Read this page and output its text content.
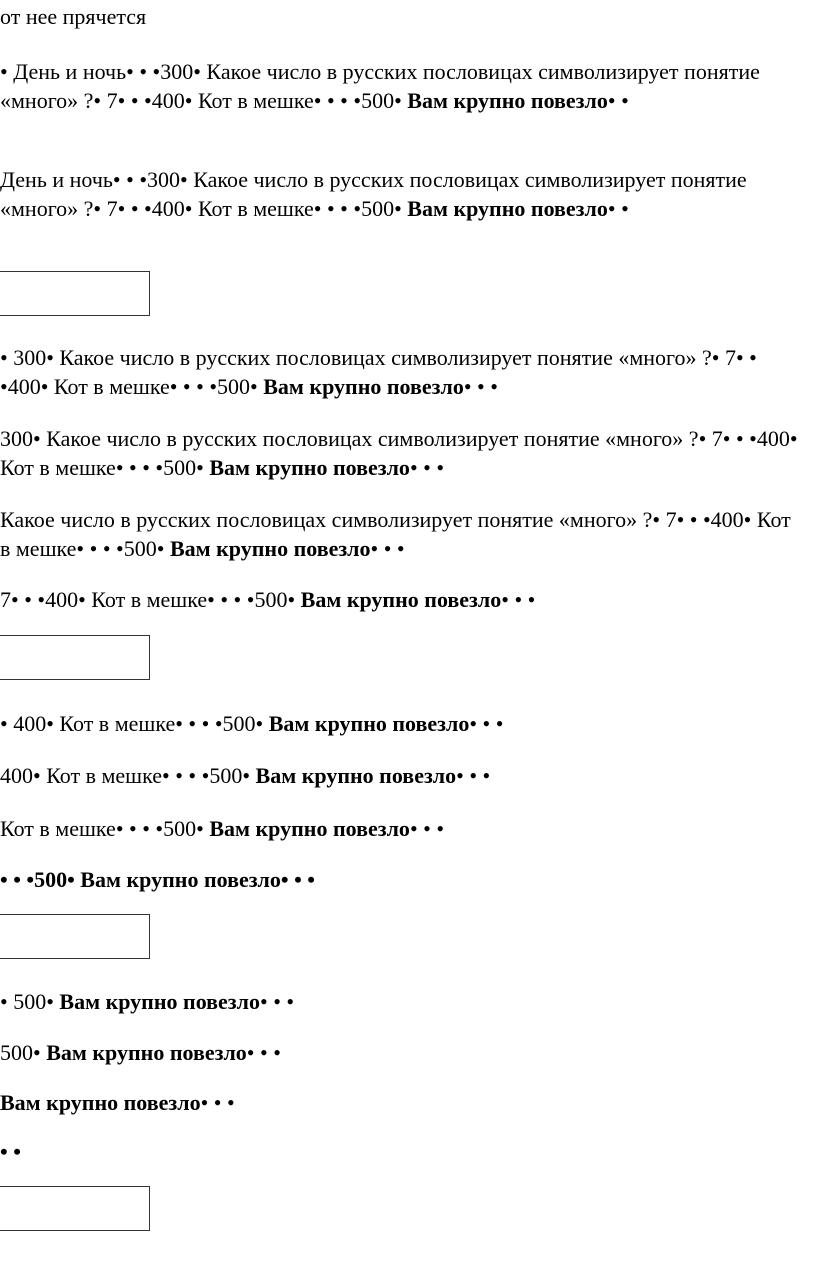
от нее прячется
• День и ночь• • •300• Какое число в русских пословицах символизирует понятие «много» ?• 7• • •400• Кот в мешке• • • •500• Вам крупно повезло• •
День и ночь• • •300• Какое число в русских пословицах символизирует понятие «много» ?• 7• • •400• Кот в мешке• • • •500• Вам крупно повезло• •
• 300• Какое число в русских пословицах символизирует понятие «много» ?• 7• • •400• Кот в мешке• • • •500• Вам крупно повезло• • •
300• Какое число в русских пословицах символизирует понятие «много» ?• 7• • •400• Кот в мешке• • • •500• Вам крупно повезло• • •
Какое число в русских пословицах символизирует понятие «много» ?• 7• • •400• Кот в мешке• • • •500• Вам крупно повезло• • •
7• • •400• Кот в мешке• • • •500• Вам крупно повезло• • •
• 400• Кот в мешке• • • •500• Вам крупно повезло• • •
400• Кот в мешке• • • •500• Вам крупно повезло• • •
Кот в мешке• • • •500• Вам крупно повезло• • •
• • •500• Вам крупно повезло• • •
• 500• Вам крупно повезло• • •
500• Вам крупно повезло• • •
Вам крупно повезло• • •
• •
